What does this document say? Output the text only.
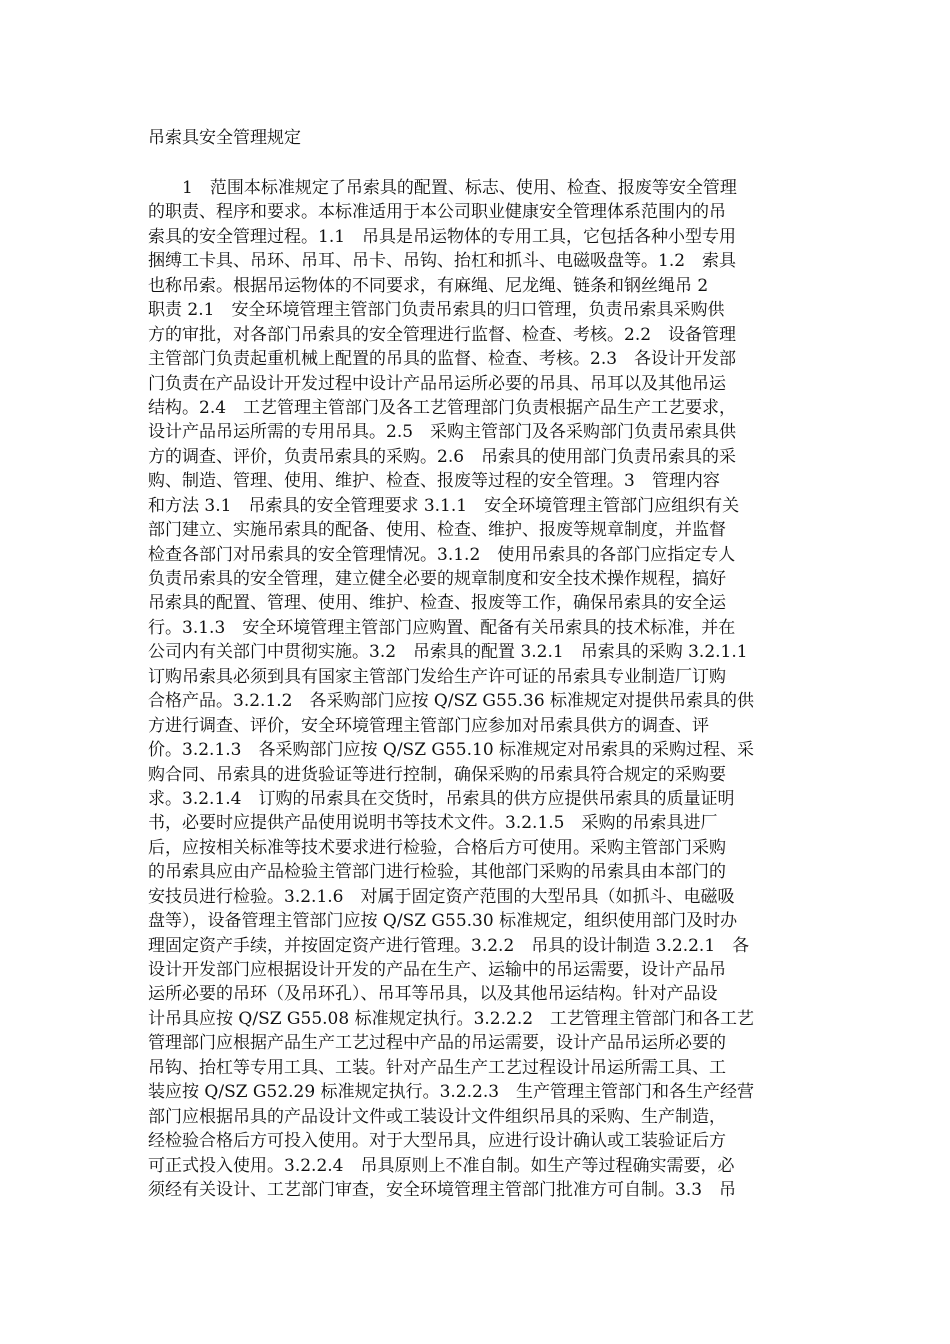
吊索具安全管理规定
　　1　范围本标准规定了吊索具的配置、标志、使用、检查、报废等安全管理
的职责、程序和要求。本标准适用于本公司职业健康安全管理体系范围内的吊
索具的安全管理过程。1.1　吊具是吊运物体的专用工具，它包括各种小型专用
捆缚工卡具、吊环、吊耳、吊卡、吊钩、抬杠和抓斗、电磁吸盘等。1.2　索具
也称吊索。根据吊运物体的不同要求，有麻绳、尼龙绳、链条和钢丝绳吊 2
职责 2.1　安全环境管理主管部门负责吊索具的归口管理，负责吊索具采购供
方的审批，对各部门吊索具的安全管理进行监督、检查、考核。2.2　设备管理
主管部门负责起重机械上配置的吊具的监督、检查、考核。2.3　各设计开发部
门负责在产品设计开发过程中设计产品吊运所必要的吊具、吊耳以及其他吊运
结构。2.4　工艺管理主管部门及各工艺管理部门负责根据产品生产工艺要求，
设计产品吊运所需的专用吊具。2.5　采购主管部门及各采购部门负责吊索具供
方的调查、评价，负责吊索具的采购。2.6　吊索具的使用部门负责吊索具的采
购、制造、管理、使用、维护、检查、报废等过程的安全管理。3　管理内容
和方法 3.1　吊索具的安全管理要求 3.1.1　安全环境管理主管部门应组织有关
部门建立、实施吊索具的配备、使用、检查、维护、报废等规章制度，并监督
检查各部门对吊索具的安全管理情况。3.1.2　使用吊索具的各部门应指定专人
负责吊索具的安全管理，建立健全必要的规章制度和安全技术操作规程，搞好
吊索具的配置、管理、使用、维护、检查、报废等工作，确保吊索具的安全运
行。3.1.3　安全环境管理主管部门应购置、配备有关吊索具的技术标准，并在
公司内有关部门中贯彻实施。3.2　吊索具的配置 3.2.1　吊索具的采购 3.2.1.1
订购吊索具必须到具有国家主管部门发给生产许可证的吊索具专业制造厂订购
合格产品。3.2.1.2　各采购部门应按 Q/SZ G55.36 标准规定对提供吊索具的供
方进行调查、评价，安全环境管理主管部门应参加对吊索具供方的调查、评
价。3.2.1.3　各采购部门应按 Q/SZ G55.10 标准规定对吊索具的采购过程、采
购合同、吊索具的进货验证等进行控制，确保采购的吊索具符合规定的采购要
求。3.2.1.4　订购的吊索具在交货时，吊索具的供方应提供吊索具的质量证明
书，必要时应提供产品使用说明书等技术文件。3.2.1.5　采购的吊索具进厂
后，应按相关标准等技术要求进行检验，合格后方可使用。采购主管部门采购
的吊索具应由产品检验主管部门进行检验，其他部门采购的吊索具由本部门的
安技员进行检验。3.2.1.6　对属于固定资产范围的大型吊具（如抓斗、电磁吸
盘等），设备管理主管部门应按 Q/SZ G55.30 标准规定，组织使用部门及时办
理固定资产手续，并按固定资产进行管理。3.2.2　吊具的设计制造 3.2.2.1　各
设计开发部门应根据设计开发的产品在生产、运输中的吊运需要，设计产品吊
运所必要的吊环（及吊环孔）、吊耳等吊具，以及其他吊运结构。针对产品设
计吊具应按 Q/SZ G55.08 标准规定执行。3.2.2.2　工艺管理主管部门和各工艺
管理部门应根据产品生产工艺过程中产品的吊运需要，设计产品吊运所必要的
吊钩、抬杠等专用工具、工装。针对产品生产工艺过程设计吊运所需工具、工
装应按 Q/SZ G52.29 标准规定执行。3.2.2.3　生产管理主管部门和各生产经营
部门应根据吊具的产品设计文件或工装设计文件组织吊具的采购、生产制造，
经检验合格后方可投入使用。对于大型吊具，应进行设计确认或工装验证后方
可正式投入使用。3.2.2.4　吊具原则上不准自制。如生产等过程确实需要，必
须经有关设计、工艺部门审查，安全环境管理主管部门批准方可自制。3.3　吊
